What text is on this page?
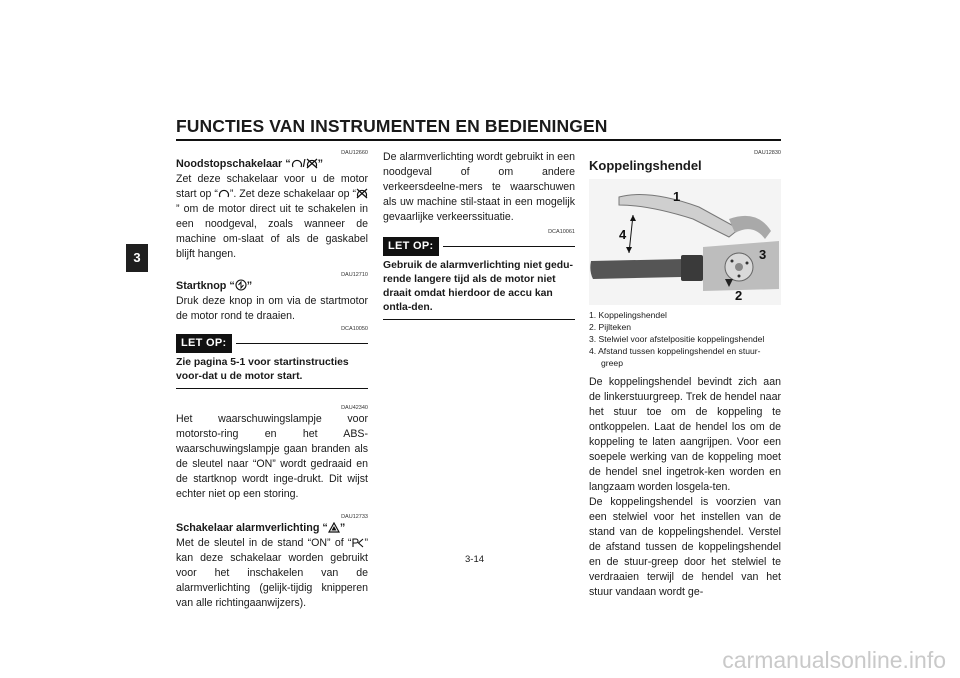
FUNCTIES VAN INSTRUMENTEN EN BEDIENINGEN
3
DAU12660
Noodstopschakelaar “ / ”
Zet deze schakelaar voor u de motor start op “ ”. Zet deze schakelaar op “” om de motor direct uit te schakelen in een noodgeval, zoals wanneer de machine om-slaat of als de gaskabel blijft hangen.
DAU12710
Startknop “ ”
Druk deze knop in om via de startmotor de motor rond te draaien.
DCA10050
LET OP:
Zie pagina 5-1 voor startinstructies voor-dat u de motor start.
DAU42340
Het waarschuwingslampje voor motorsto-ring en het ABS-waarschuwingslampje gaan branden als de sleutel naar “ON” wordt gedraaid en de startknop wordt inge-drukt. Dit wijst echter niet op een storing.
DAU12733
Schakelaar alarmverlichting “ ”
Met de sleutel in de stand “ON” of “ ” kan deze schakelaar worden gebruikt voor het inschakelen van de alarmverlichting (gelijk-tijdig knipperen van alle richtingaanwijzers).
De alarmverlichting wordt gebruikt in een noodgeval of om andere verkeersdeelne-mers te waarschuwen als uw machine stil-staat in een mogelijk gevaarlijke verkeerssituatie.
DCA10061
LET OP:
Gebruik de alarmverlichting niet gedu-rende langere tijd als de motor niet draait omdat hierdoor de accu kan ontla-den.
DAU12830
Koppelingshendel
1
2
3
4
1. Koppelingshendel
2. Pijlteken
3. Stelwiel voor afstelpositie koppelingshendel
4. Afstand tussen koppelingshendel en stuur-greep
De koppelingshendel bevindt zich aan de linkerstuurgreep. Trek de hendel naar het stuur toe om de koppeling te ontkoppelen. Laat de hendel los om de koppeling te laten aangrijpen. Voor een soepele werking van de koppeling moet de hendel snel ingetrok-ken worden en langzaam worden losgela-ten.
De koppelingshendel is voorzien van een stelwiel voor het instellen van de stand van de koppelingshendel. Verstel de afstand tussen de koppelingshendel en de stuur-greep door het stelwiel te verdraaien terwijl de hendel van het stuur vandaan wordt ge-
3-14
carmanualsonline.info
